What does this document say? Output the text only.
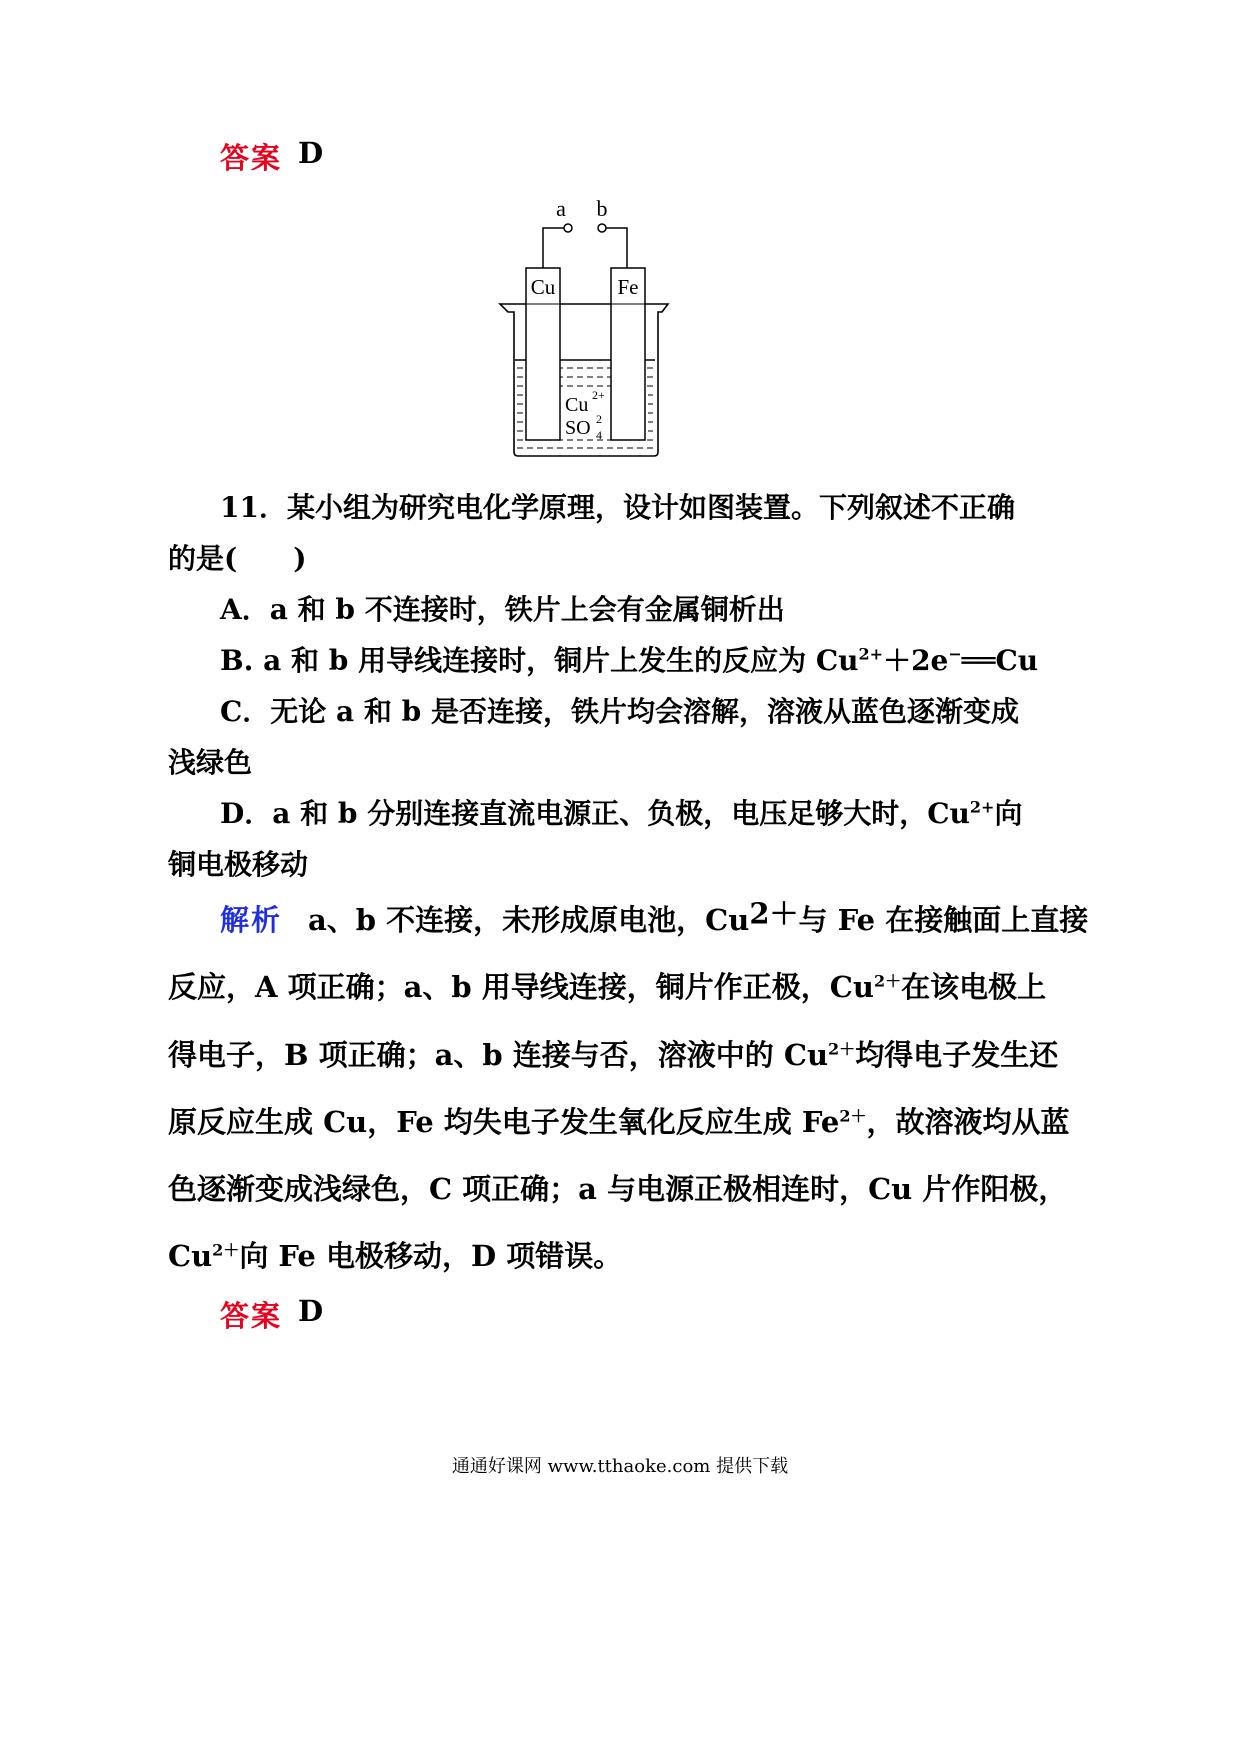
答案 D
a b
Cu	Fe
Cu 2+
SO 2
4
11．某小组为研究电化学原理，设计如图装置。下列叙述不正确
的是(　　)
A．a 和 b 不连接时，铁片上会有金属铜析出
B. a 和 b 用导线连接时，铜片上发生的反应为 $Cu^{2+}+2e^-══Cu$
C．无论 a 和 b 是否连接，铁片均会溶解，溶液从蓝色逐渐变成
浅绿色
D．a 和 b 分别连接直流电源正、负极，电压足够大时，$Cu^{2+}$向
铜电极移动
解析 a、b 不连接，未形成原电池，$Cu^{2+}$与 Fe 在接触面上直接
反应，A 项正确；a、b 用导线连接，铜片作正极，$Cu^{2+}$在该电极上
得电子，B 项正确；a、b 连接与否，溶液中的 $Cu^{2+}$均得电子发生还
原反应生成 Cu，Fe 均失电子发生氧化反应生成 $Fe^{2+}$，故溶液均从蓝
色逐渐变成浅绿色，C 项正确；a 与电源正极相连时，Cu 片作阳极，
$Cu^{2+}$向 Fe 电极移动，D 项错误。
答案 D
通通好课网 www.tthaoke.com 提供下载
